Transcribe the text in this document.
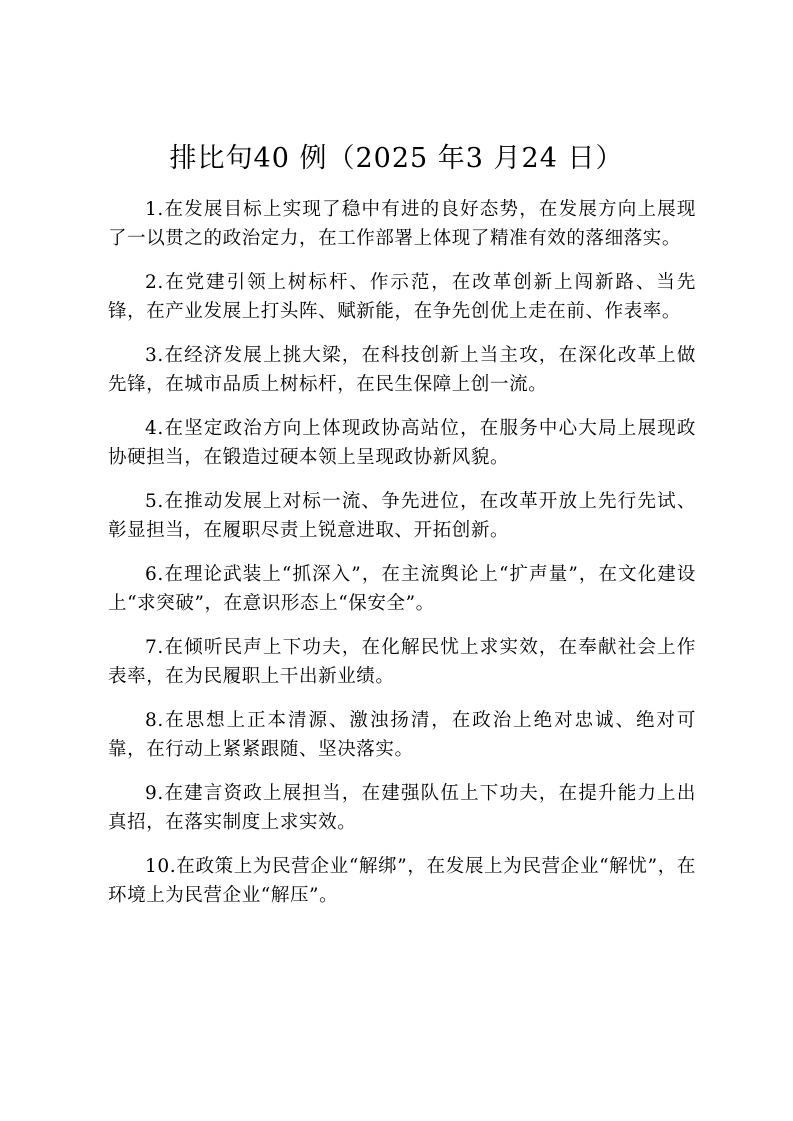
排比句40 例（2025 年3 月24 日）

1.在发展目标上实现了稳中有进的良好态势，在发展方向上展现了一以贯之的政治定力，在工作部署上体现了精准有效的落细落实。

2.在党建引领上树标杆、作示范，在改革创新上闯新路、当先锋，在产业发展上打头阵、赋新能，在争先创优上走在前、作表率。

3.在经济发展上挑大梁，在科技创新上当主攻，在深化改革上做先锋，在城市品质上树标杆，在民生保障上创一流。

4.在坚定政治方向上体现政协高站位，在服务中心大局上展现政协硬担当，在锻造过硬本领上呈现政协新风貌。

5.在推动发展上对标一流、争先进位，在改革开放上先行先试、彰显担当，在履职尽责上锐意进取、开拓创新。

6.在理论武装上“抓深入”，在主流舆论上“扩声量”，在文化建设上“求突破”，在意识形态上“保安全”。

7.在倾听民声上下功夫，在化解民忧上求实效，在奉献社会上作表率，在为民履职上干出新业绩。

8.在思想上正本清源、激浊扬清，在政治上绝对忠诚、绝对可靠，在行动上紧紧跟随、坚决落实。

9.在建言资政上展担当，在建强队伍上下功夫，在提升能力上出真招，在落实制度上求实效。

10.在政策上为民营企业“解绑”，在发展上为民营企业“解忧”，在环境上为民营企业“解压”。
